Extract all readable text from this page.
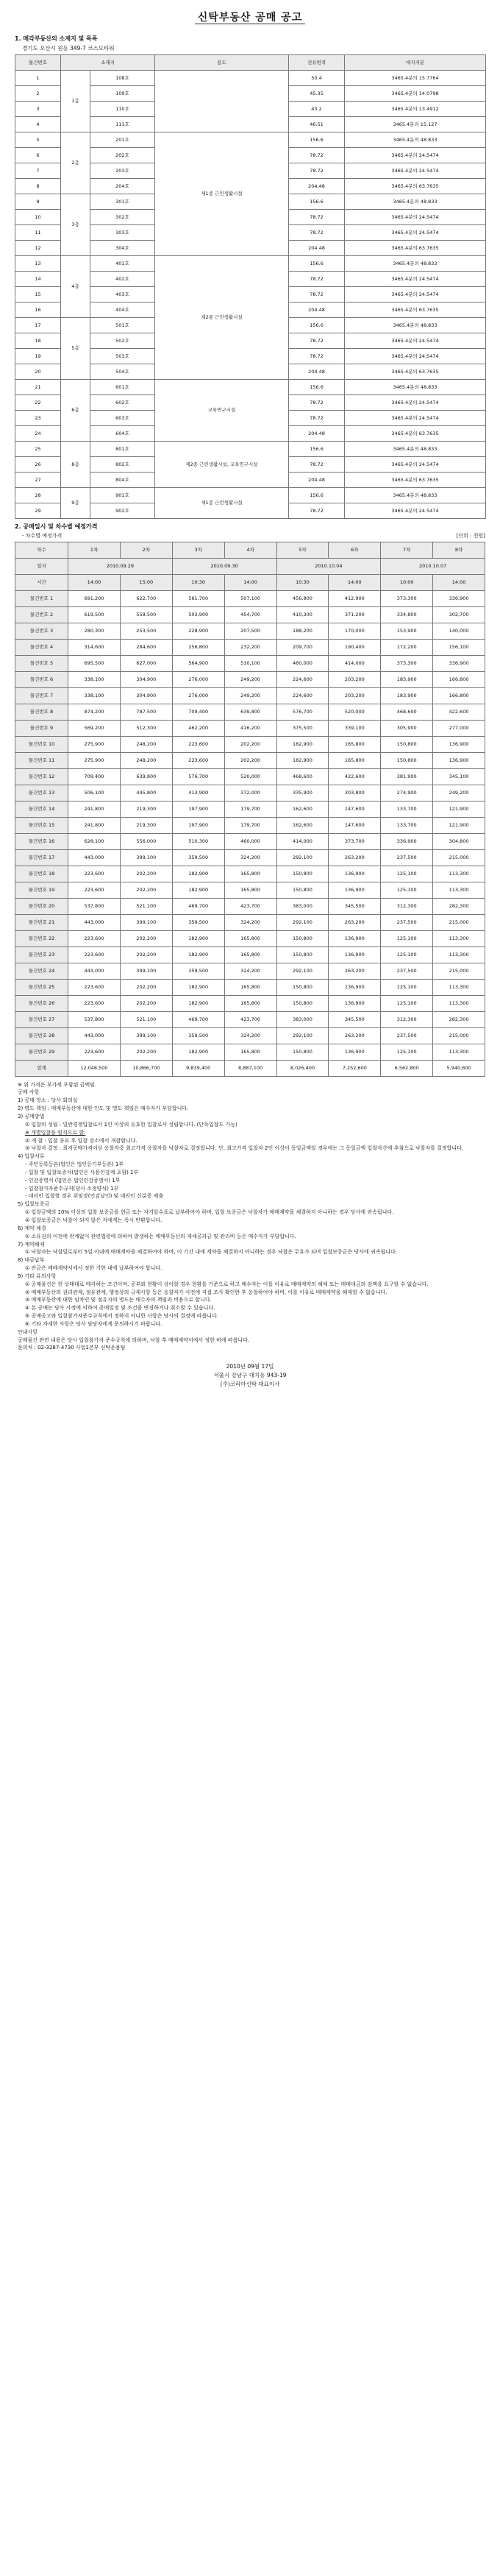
신탁부동산 공매 공고
1. 매각부동산의 소재지 및 목록
경기도 오산시 원동 349-7 코스모타워
물건번호	소재지		용도	전유면적	대지지분
1	1층	108호		50.4	3465.4분의 15.7764
2		109호		45.35	3465.4분의 14.0798
3		110호		43.2	3465.4분의 13.4912
4		111호		46.51	3465.4분의 15.127
5	2층	201호	제1종 근린생활시설	156.6	3465.4분의 48.833
6		202호		78.72	3465.4분의 24.5474
7		203호		78.72	3465.4분의 24.5474
8		204호		204.48	3465.4분의 63.7635
9	3층	301호		156.6	3465.4분의 48.833
10		302호		78.72	3465.4분의 24.5474
11		303호		78.72	3465.4분의 24.5474
12		304호		204.48	3465.4분의 63.7635
13	4층	401호	제2종 근린생활시설	156.6	3465.4분의 48.833
14		402호		78.72	3465.4분의 24.5474
15		403호		78.72	3465.4분의 24.5474
16		404호		204.48	3465.4분의 63.7635
17	5층	501호		156.6	3465.4분의 48.833
18		502호		78.72	3465.4분의 24.5474
19		503호		78.72	3465.4분의 24.5474
20		504호		204.48	3465.4분의 63.7635
21	6층	601호	교육연구시설	156.6	3465.4분의 48.833
22		602호		78.72	3465.4분의 24.5474
23		603호		78.72	3465.4분의 24.5474
24		604호		204.48	3465.4분의 63.7635
25	8층	801호	제2종 근린생활시설, 교육연구시설	156.6	3465.4분의 48.833
26		802호		78.72	3465.4분의 24.5474
27		804호		204.48	3465.4분의 63.7635
28	9층	901호	제1종 근린생활시설	156.6	3465.4분의 48.833
29		902호		78.72	3465.4분의 24.5474
2. 공매일시 및 차수별 예정가격
- 차수별 예정가격	[단위 : 천원]
차수	1차	2차	3차	4차	5차	6차	7차	8차
일자	2010.09.29		2010.09.30		2010.10.04		2010.10.07	
시간	14:00	15:00	10:30	14:00	10:30	14:00	10:00	14:00
물건번호 1	691,200	622,700	561,700	507,100	456,800	412,900	373,300	336,900
물건번호 2	619,500	558,500	503,900	454,700	410,300	371,200	334,800	302,700
물건번호 3	280,300	253,500	228,900	207,500	188,200	170,000	153,900	140,000
물건번호 4	314,600	284,600	256,800	232,200	209,700	190,400	172,200	156,100
물건번호 5	695,500	627,000	564,900	510,100	460,000	414,000	373,300	336,900
물건번호 6	338,100	304,900	276,000	249,200	224,600	203,200	183,900	166,800
물건번호 7	338,100	304,900	276,000	249,200	224,600	203,200	183,900	166,800
물건번호 8	874,200	787,500	709,400	639,800	576,700	520,000	468,600	422,600
물건번호 9	569,200	512,300	462,200	416,200	375,500	339,100	305,900	277,000
물건번호 10	275,900	248,200	223,600	202,200	182,900	165,800	150,800	136,900
물건번호 11	275,900	248,200	223,600	202,200	182,900	165,800	150,800	136,900
물건번호 12	709,400	639,800	576,700	520,000	468,600	422,600	381,900	345,100
물건번호 13	506,100	445,800	413,900	372,000	335,900	303,800	274,900	249,200
물건번호 14	241,800	219,300	197,900	179,700	162,600	147,600	133,700	121,900
물건번호 15	241,800	219,300	197,900	179,700	162,600	147,600	133,700	121,900
물건번호 16	628,100	556,000	510,300	460,000	414,000	373,700	336,900	304,800
물건번호 17	443,000	399,100	359,500	324,200	292,100	263,200	237,500	215,000
물건번호 18	223,600	202,200	182,900	165,800	150,800	136,900	125,100	113,300
물건번호 19	223,600	202,200	182,900	165,800	150,800	136,900	125,100	113,300
물건번호 20	537,800	521,100	469,700	423,700	383,000	345,500	312,300	282,300
물건번호 21	443,000	399,100	359,500	324,200	292,100	263,200	237,500	215,000
물건번호 22	223,600	202,200	182,900	165,800	150,800	136,900	125,100	113,300
물건번호 23	223,600	202,200	182,900	165,800	150,800	136,900	125,100	113,300
물건번호 24	443,000	399,100	359,500	324,200	292,100	263,200	237,500	215,000
물건번호 25	223,600	202,200	182,900	165,800	150,800	136,900	125,100	113,300
물건번호 26	223,600	202,200	182,900	165,800	150,800	136,900	125,100	113,300
물건번호 27	537,800	521,100	469,700	423,700	383,000	345,500	312,300	282,300
물건번호 28	443,000	399,100	359,500	324,200	292,100	263,200	237,500	215,000
물건번호 29	223,600	202,200	182,900	165,800	150,800	136,900	125,100	113,300
합계	12,048,500	10,866,700	9,839,400	8,887,100	8,026,400	7,252,600	6,562,800	5,940,600

※ 위 가격은 부가세 포함된 금액임.

공매 사항

1) 공매 장소 : 당사 회의실

2) 명도 책임 : 매매부동산에 대한 인도 및 명도 책임은 매수자가 부담합니다.

3) 공매방법

① 입찰의 성립 : 일반경쟁입찰로서 1인 이상의 유효한 입찰로서 성립합니다. (단독입찰도 가능)

※ 개별입찰을 원칙으로 함.

② 개 찰 : 입찰 종료 후 입찰 장소에서 개찰합니다.

③ 낙찰자 결정 : 최저공매가격이상 응찰자중 최고가격 응찰자를 낙찰자로 결정합니다. 단, 최고가격 입찰자 2인 이상이 동일금액일 경우에는 그 동일금액 입찰자간에 추첨으로 낙찰자를 결정합니다.

4) 입찰서류

- 주민등록등본(법인은 법인등기부등본) 1부

- 입찰 및 입찰보증서(법인은 사용인감계 포함) 1부

- 인감증명서 (법인은 법인인감증명서) 1부

- 입찰참가자준수규칙(당사 소정양식) 1부

- 대리인 입찰할 경우 위임장(인감날인) 및 대리인 신분증 제출

5) 입찰보증금

① 입찰금액의 10% 이상의 입찰 보증금을 현금 또는 자기앞수표로 납부하여야 하며, 입찰 보증금은 낙찰자가 매매계약을 체결하지 아니하는 경우 당사에 귀속됩니다.

② 입찰보증금은 낙찰이 되지 않은 자에게는 즉시 반환합니다.

6) 계약 체결

① 소유권의 이전에 관계없이 관련법령에 의하여 발생하는 매매부동산의 제세공과금 및 관리비 등은 매수자가 부담합니다.

7) 계약해제

① 낙찰자는 낙찰일로부터 5일 이내에 매매계약을 체결하여야 하며, 이 기간 내에 계약을 체결하지 아니하는 경우 낙찰은 무효가 되며 입찰보증금은 당사에 귀속됩니다.

8) 대금납부

① 잔금은 매매계약서에서 정한 기한 내에 납부하여야 합니다.

9) 기타 유의사항

① 공매물건은 현 상태대로 매각하는 조건이며, 공부와 현황이 상이할 경우 현황을 기준으로 하고 매수자는 이를 이유로 매매계약의 해제 또는 매매대금의 감액을 요구할 수 없습니다.

② 매매부동산의 권리관계, 점유관계, 행정상의 규제사항 등은 응찰자가 사전에 직접 조사 확인한 후 응찰하여야 하며, 이를 이유로 매매계약을 해제할 수 없습니다.

③ 매매부동산에 대한 임차인 및 점유자의 명도는 매수자의 책임과 비용으로 합니다.

④ 본 공매는 당사 사정에 의하여 공매일정 및 조건을 변경하거나 취소할 수 있습니다.

⑤ 공매공고와 입찰참가자준수규칙에서 정하지 아니한 사항은 당사의 결정에 따릅니다.

⑥ 기타 자세한 사항은 당사 담당자에게 문의하시기 바랍니다.

안내사항

공매물건 관련 내용은 당사 입찰참가자 준수규칙에 의하며, 낙찰 후 매매계약서에서 정한 바에 따릅니다.

문의처 : 02-3287-4730 사업1본부 신탁운용팀

2010년 09월 17일
서울시 강남구 대치동 943-19
(주)코리아신탁 대표이사
